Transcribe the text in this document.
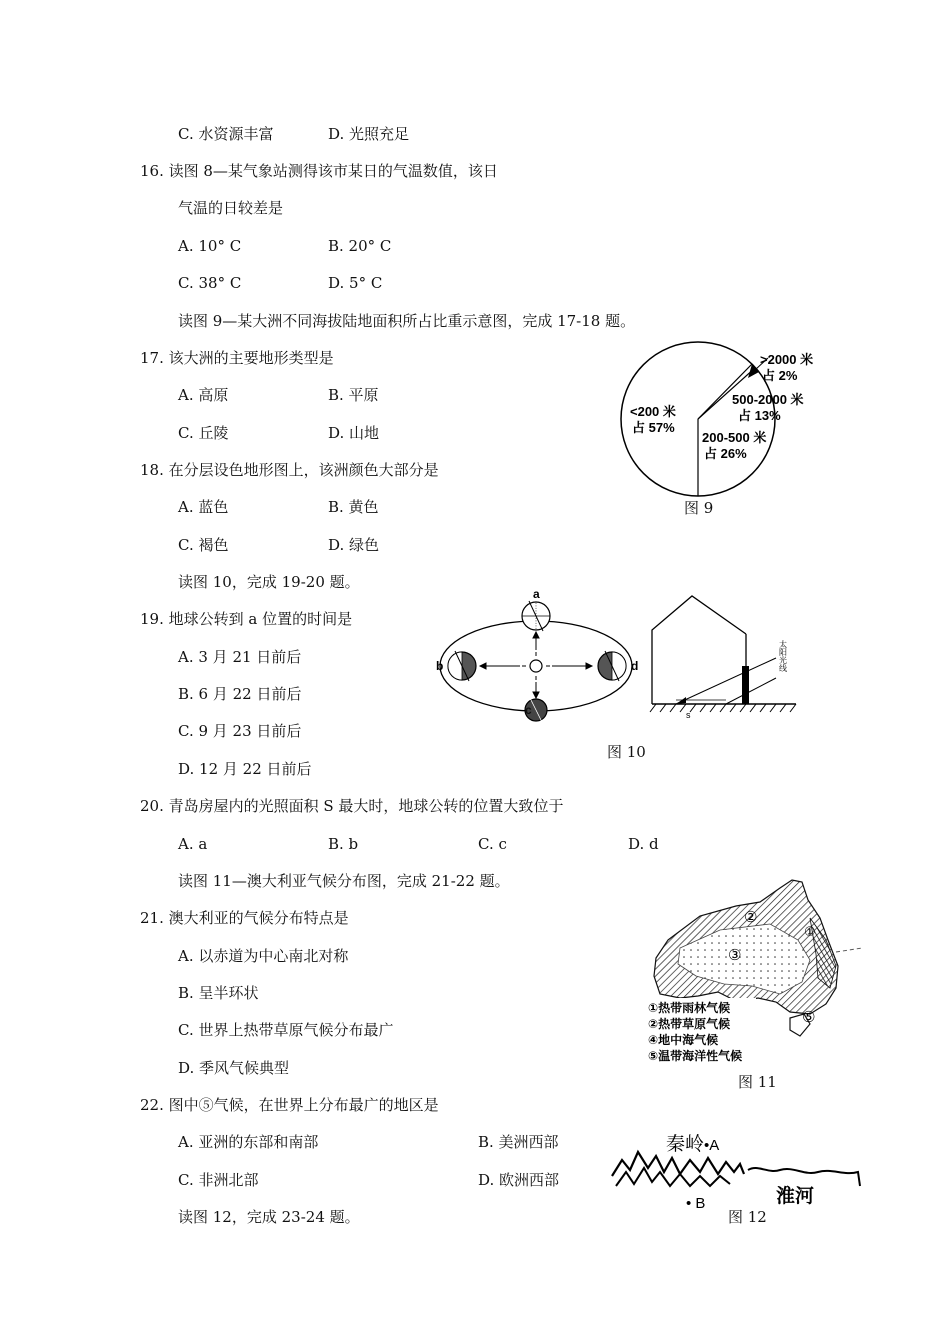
C. 水资源丰富	D. 光照充足
16. 读图 8—某气象站测得该市某日的气温数值，该日
气温的日较差是
A. 10° C	B. 20° C
C. 38° C	D. 5° C
读图 9—某大洲不同海拔陆地面积所占比重示意图，完成 17-18 题。
17. 该大洲的主要地形类型是
A. 高原	B. 平原
C. 丘陵	D. 山地
18. 在分层设色地形图上，该洲颜色大部分是
A. 蓝色	B. 黄色
C. 褐色	D. 绿色
读图 10，完成 19-20 题。
19. 地球公转到 a 位置的时间是
A. 3 月 21 日前后
B. 6 月 22 日前后
C. 9 月 23 日前后
D. 12 月 22 日前后
20. 青岛房屋内的光照面积 S 最大时，地球公转的位置大致位于
A. a	B. b	C. c	D. d
读图 11—澳大利亚气候分布图，完成 21-22 题。
21. 澳大利亚的气候分布特点是
A. 以赤道为中心南北对称
B. 呈半环状
C. 世界上热带草原气候分布最广
D. 季风气候典型
22. 图中⑤气候，在世界上分布最广的地区是
A. 亚洲的东部和南部	B. 美洲西部
C. 非洲北部	D. 欧洲西部
读图 12，完成 23-24 题。
<200 米
占 57%
200-500 米
占 26%
500-2000 米
占 13%
>2000 米
占 2%
图 9
a
b	d
s
太阳光线
c
图 10
②
③
①
⑤
①热带雨林气候
②热带草原气候
④地中海气候
⑤温带海洋性气候
图 11
秦岭 •A
• B	淮河
图 12
